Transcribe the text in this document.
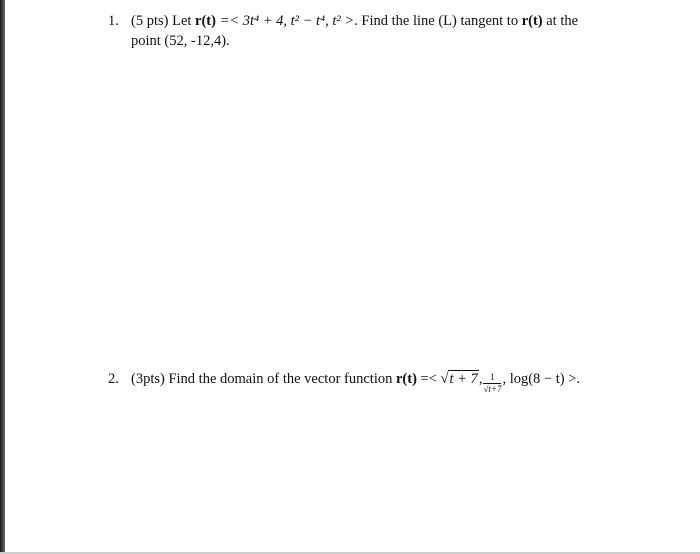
1. (5 pts) Let r(t) =< 3t⁴ + 4, t² − t⁴, t² >. Find the line (L) tangent to r(t) at the
point (52, -12,4).
2. (3pts) Find the domain of the vector function r(t) =< √t + 7, $\frac{1}{√t+7}$ , log(8 − t) >.
